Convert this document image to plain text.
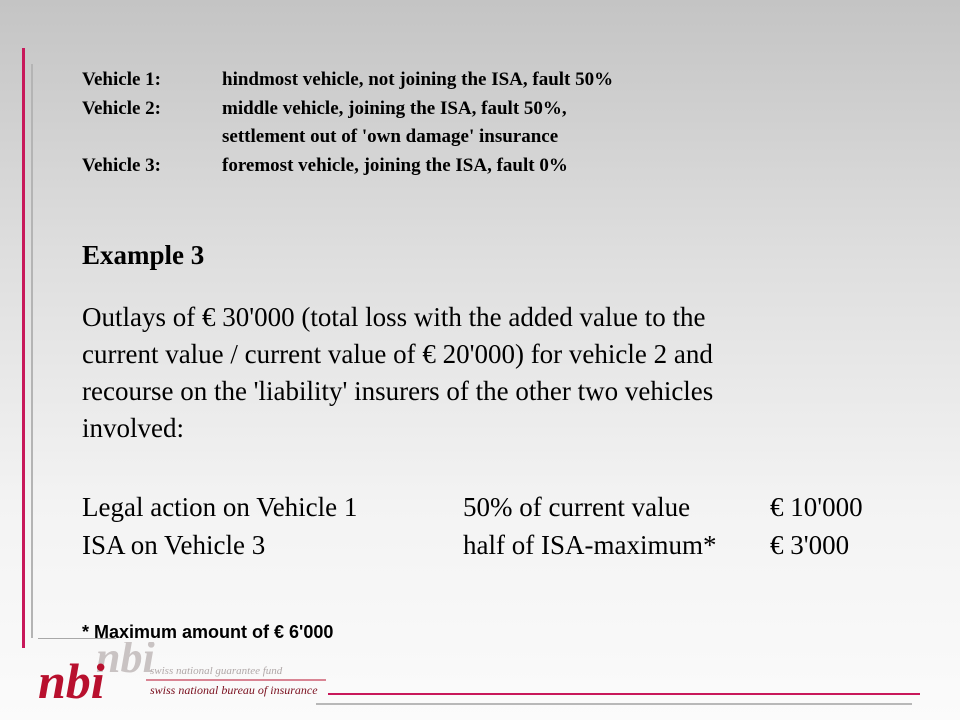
Vehicle 1:	hindmost vehicle, not joining the ISA, fault 50%
Vehicle 2:	middle vehicle, joining the ISA, fault 50%,
settlement out of 'own damage' insurance
Vehicle 3:	foremost vehicle, joining the ISA, fault 0%
Example 3
Outlays of € 30'000 (total loss with the added value to the
current value / current value of € 20'000) for vehicle 2 and
recourse on the 'liability' insurers of the other two vehicles
involved:
Legal action on Vehicle 1	50% of current value	€ 10'000
ISA on Vehicle 3	half of ISA-maximum*	€ 3'000
* Maximum amount of € 6'000
nbi
nbi	swiss national guarantee fund
swiss national bureau of insurance
